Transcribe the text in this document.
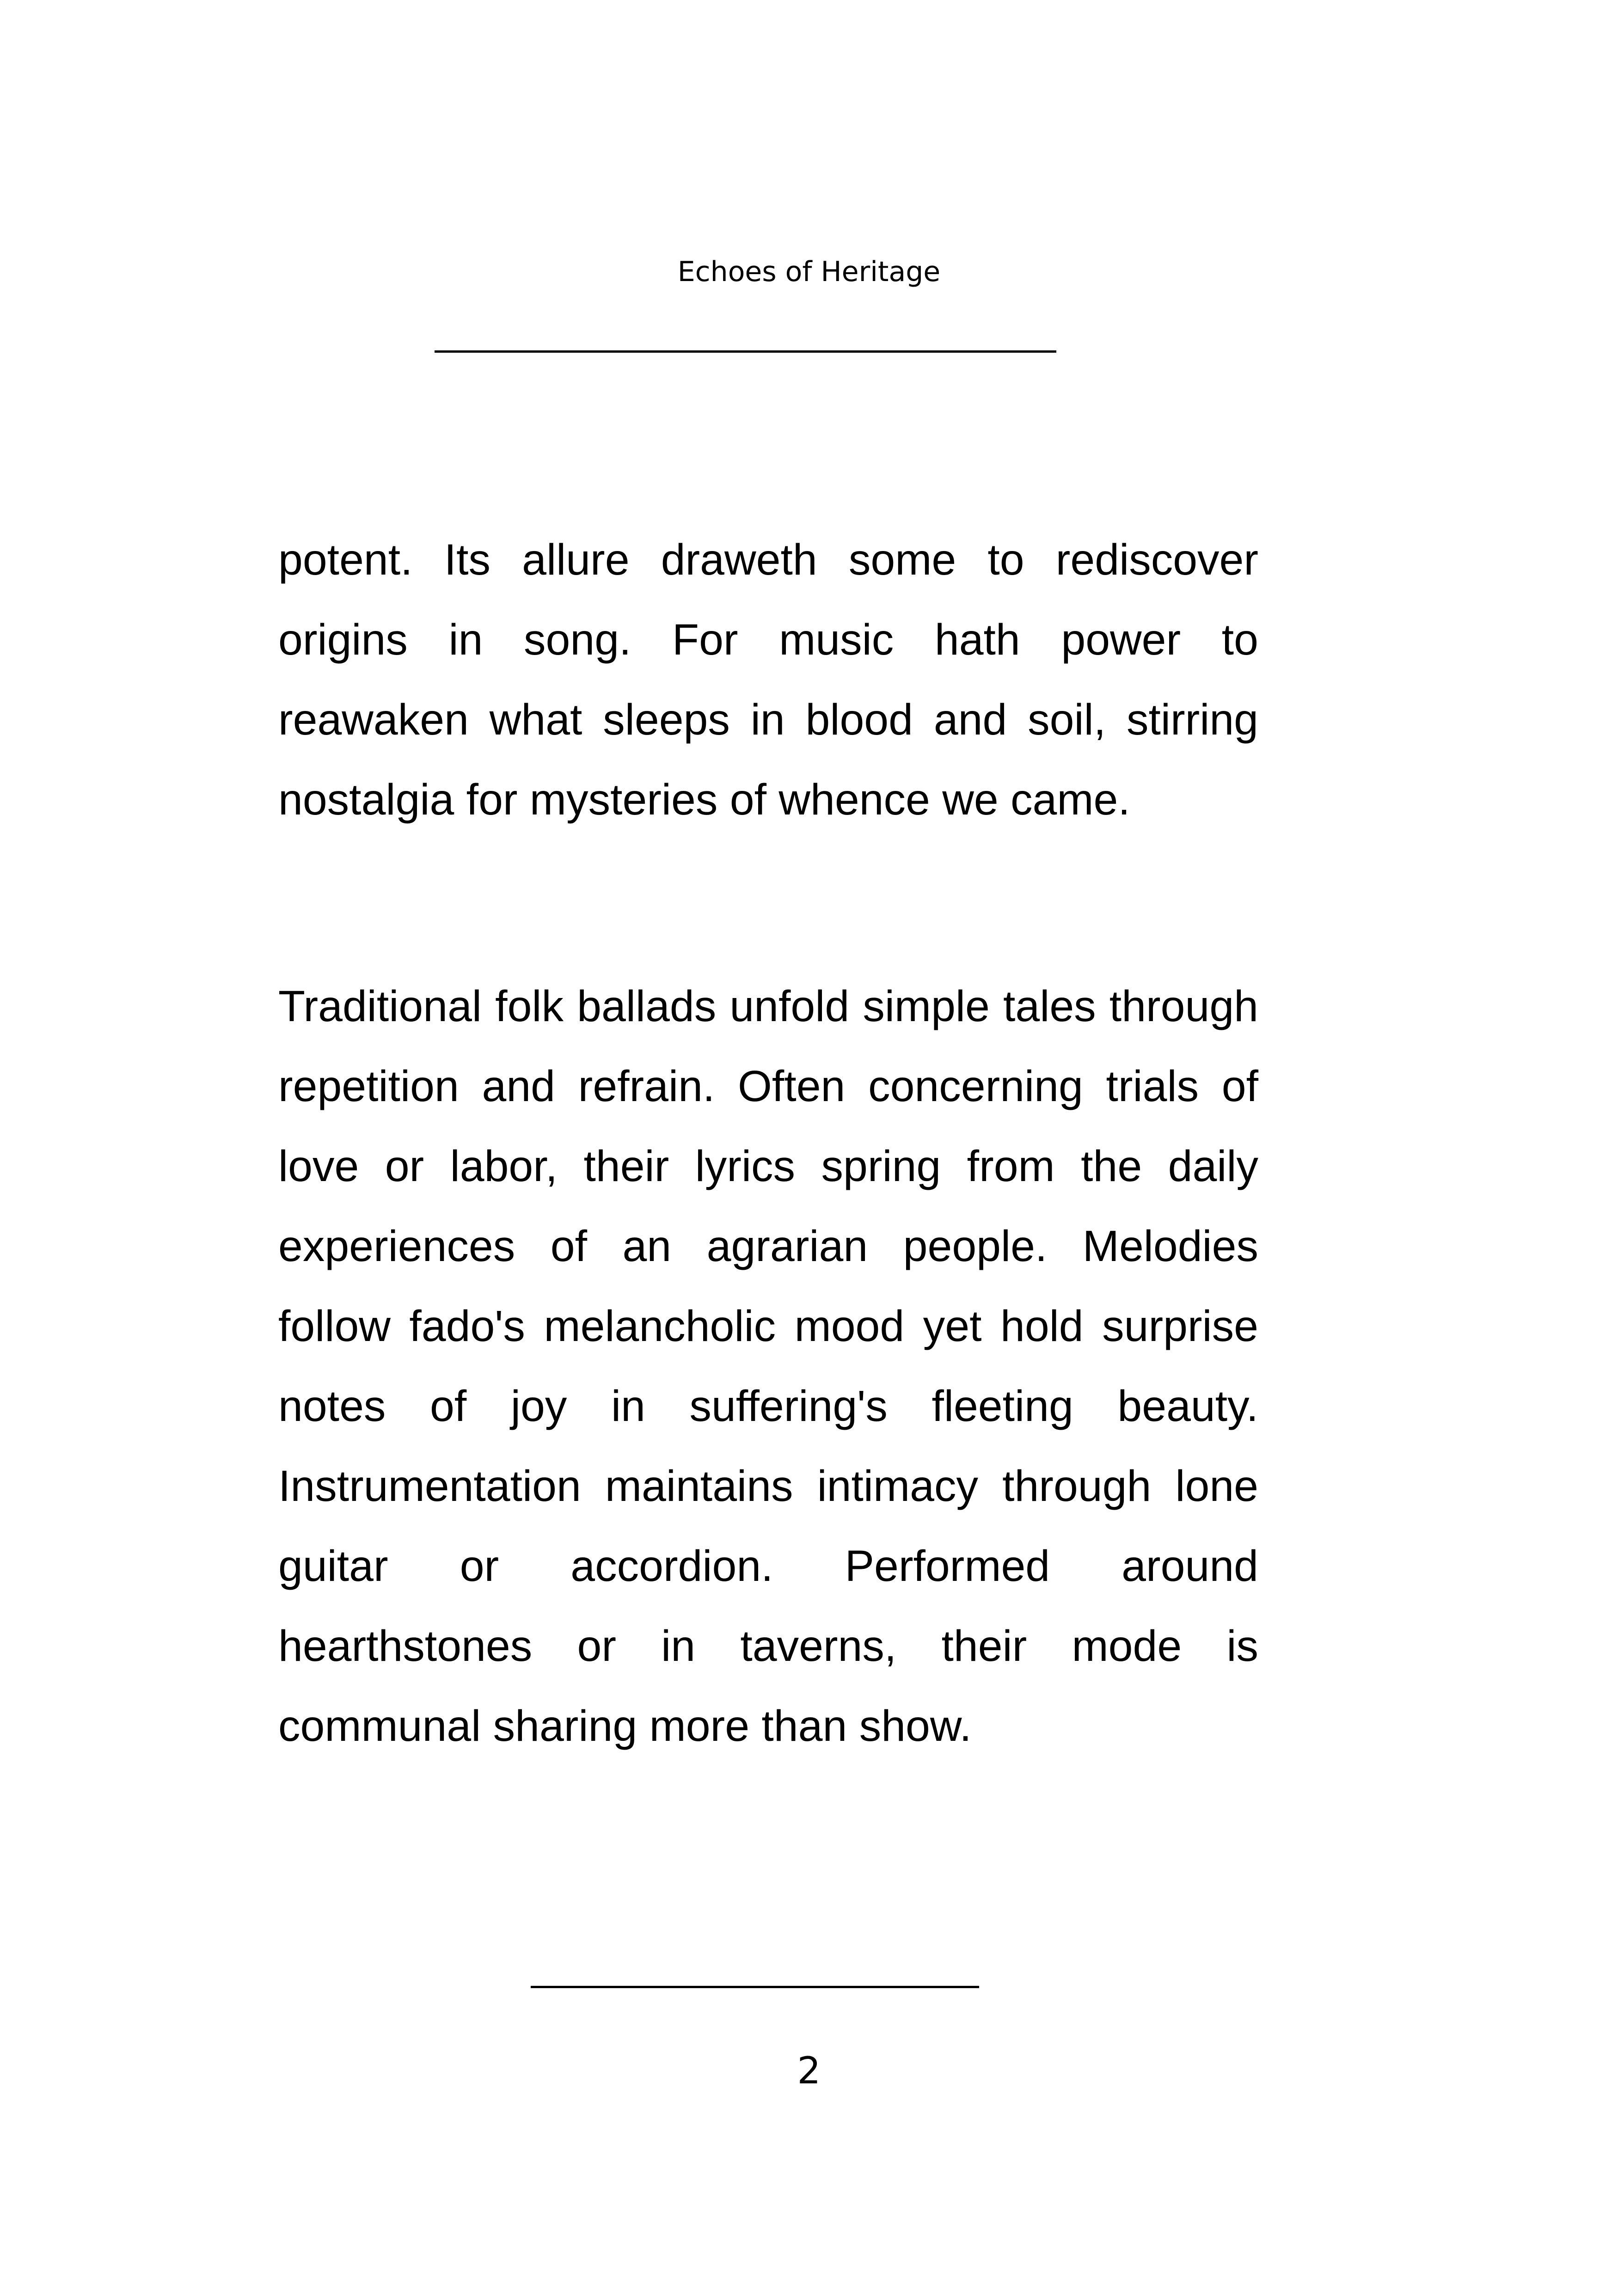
Echoes of Heritage

potent. Its allure draweth some to rediscover origins in song. For music hath power to reawaken what sleeps in blood and soil, stirring nostalgia for mysteries of whence we came.

Traditional folk ballads unfold simple tales through repetition and refrain. Often concerning trials of love or labor, their lyrics spring from the daily experiences of an agrarian people. Melodies follow fado's melancholic mood yet hold surprise notes of joy in suffering's fleeting beauty. Instrumentation maintains intimacy through lone guitar or accordion. Performed around hearthstones or in taverns, their mode is communal sharing more than show.

2
